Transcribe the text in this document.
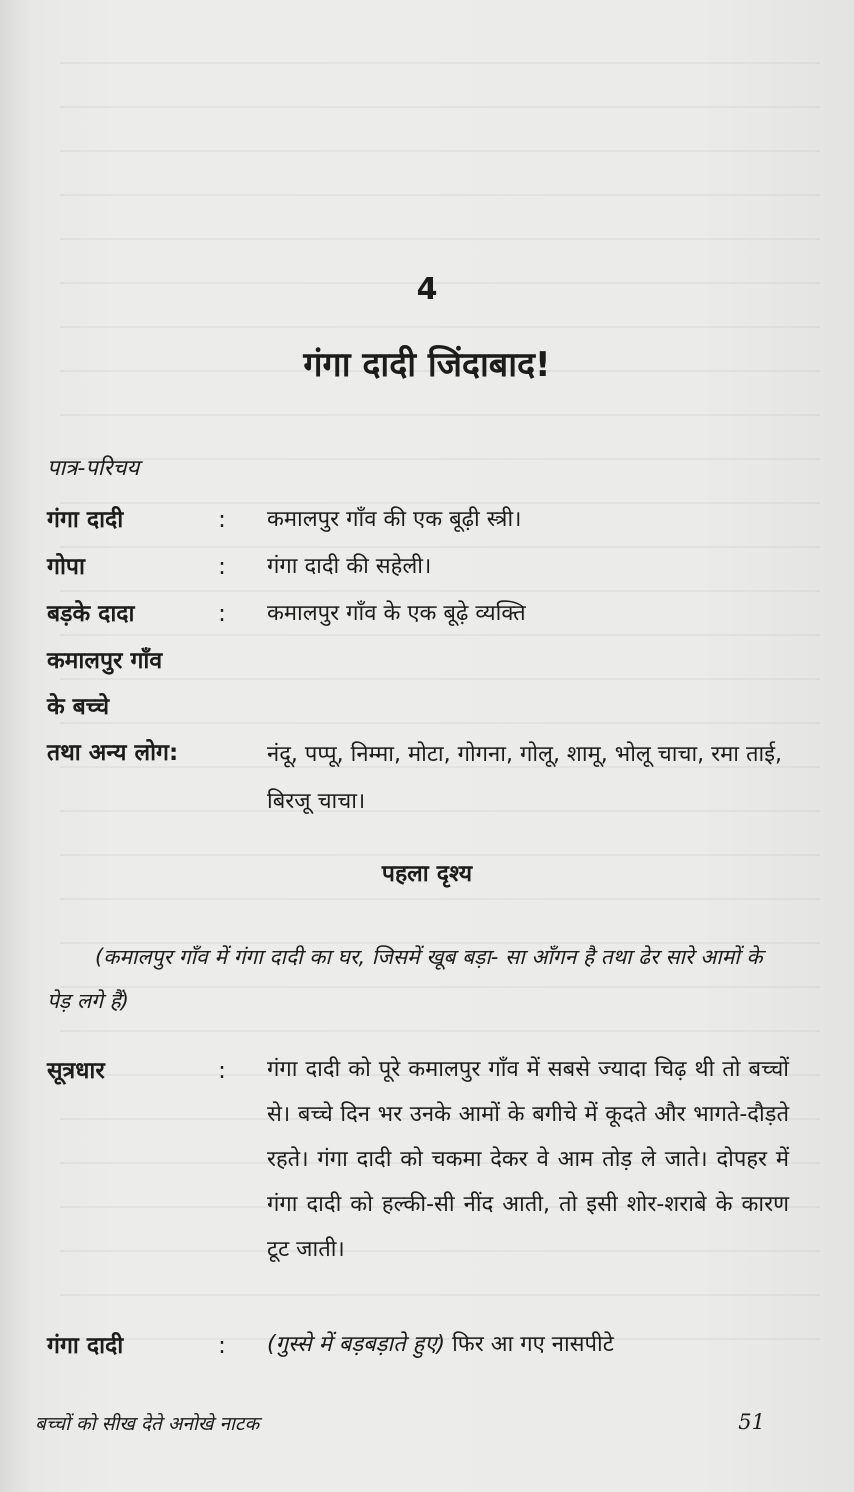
4
गंगा दादी जिंदाबाद!
पात्र-परिचय
गंगा दादी	: कमालपुर गाँव की एक बूढ़ी स्त्री।
गोपा	: गंगा दादी की सहेली।
बड़के दादा	: कमालपुर गाँव के एक बूढ़े व्यक्ति
कमालपुर गाँव
के बच्चे
तथा अन्य लोग:	नंदू, पप्पू, निम्मा, मोटा, गोगना, गोलू, शामू, भोलू चाचा, रमा ताई, बिरजू चाचा।
पहला दृश्य
(कमालपुर गाँव में गंगा दादी का घर, जिसमें खूब बड़ा- सा आँगन है तथा ढेर सारे आमों के पेड़ लगे हैं)
सूत्रधार	: गंगा दादी को पूरे कमालपुर गाँव में सबसे ज्यादा चिढ़ थी तो बच्चों से। बच्चे दिन भर उनके आमों के बगीचे में कूदते और भागते-दौड़ते रहते। गंगा दादी को चकमा देकर वे आम तोड़ ले जाते। दोपहर में गंगा दादी को हल्की-सी नींद आती, तो इसी शोर-शराबे के कारण टूट जाती।
गंगा दादी	: (गुस्से में बड़बड़ाते हुए) फिर आ गए नासपीटे
बच्चों को सीख देते अनोखे नाटक	51
